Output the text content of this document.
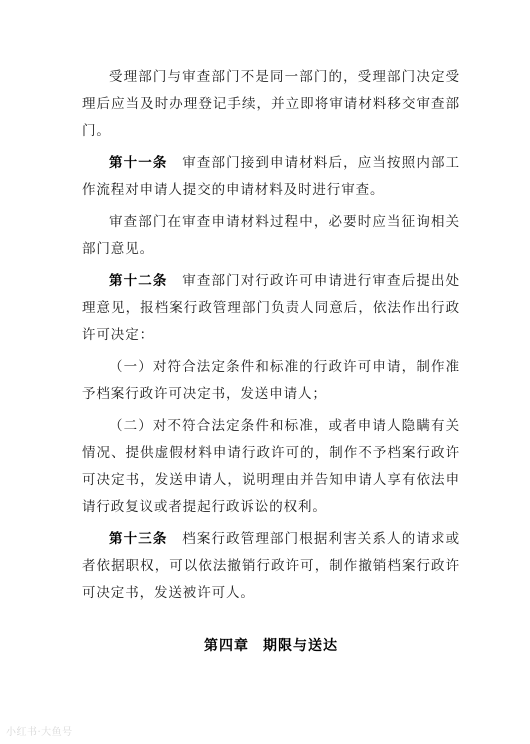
受理部门与审查部门不是同一部门的，受理部门决定受理后应当及时办理登记手续，并立即将审请材料移交审查部门。

第十一条　 审查部门接到申请材料后，应当按照内部工作流程对申请人提交的申请材料及时进行审查。

审查部门在审查申请材料过程中，必要时应当征询相关部门意见。

第十二条　 审查部门对行政许可申请进行审查后提出处理意见，报档案行政管理部门负责人同意后，依法作出行政许可决定：

（一）对符合法定条件和标准的行政许可申请，制作准予档案行政许可决定书，发送申请人；

（二）对不符合法定条件和标准，或者申请人隐瞒有关情况、提供虚假材料申请行政许可的，制作不予档案行政许可决定书，发送申请人，说明理由并告知申请人享有依法申请行政复议或者提起行政诉讼的权利。

第十三条　 档案行政管理部门根据利害关系人的请求或者依据职权，可以依法撤销行政许可，制作撤销档案行政许可决定书，发送被许可人。

第四章 期限与送达
小红书·大鱼号
